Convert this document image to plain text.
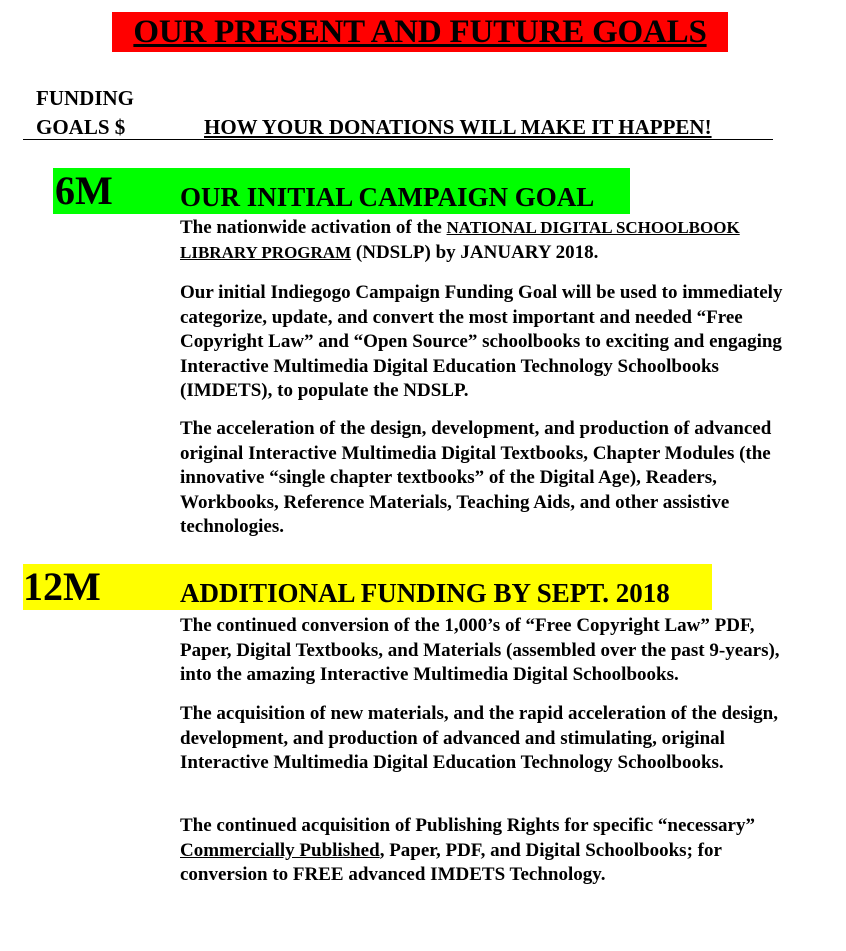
OUR PRESENT AND FUTURE GOALS
FUNDING
GOALS $	HOW YOUR DONATIONS WILL MAKE IT HAPPEN!
6M OUR INITIAL CAMPAIGN GOAL

The nationwide activation of the NATIONAL DIGITAL SCHOOLBOOK LIBRARY PROGRAM (NDSLP) by JANUARY 2018.

Our initial Indiegogo Campaign Funding Goal will be used to immediately categorize, update, and convert the most important and needed “Free Copyright Law” and “Open Source” schoolbooks to exciting and engaging Interactive Multimedia Digital Education Technology Schoolbooks (IMDETS), to populate the NDSLP.

The acceleration of the design, development, and production of advanced original Interactive Multimedia Digital Textbooks, Chapter Modules (the innovative “single chapter textbooks” of the Digital Age), Readers, Workbooks, Reference Materials, Teaching Aids, and other assistive technologies.

12M	ADDITIONAL FUNDING BY SEPT. 2018

The continued conversion of the 1,000’s of “Free Copyright Law” PDF, Paper, Digital Textbooks, and Materials (assembled over the past 9-years), into the amazing Interactive Multimedia Digital Schoolbooks.

The acquisition of new materials, and the rapid acceleration of the design, development, and production of advanced and stimulating, original Interactive Multimedia Digital Education Technology Schoolbooks.

The continued acquisition of Publishing Rights for specific “necessary” Commercially Published, Paper, PDF, and Digital Schoolbooks; for conversion to FREE advanced IMDETS Technology.
